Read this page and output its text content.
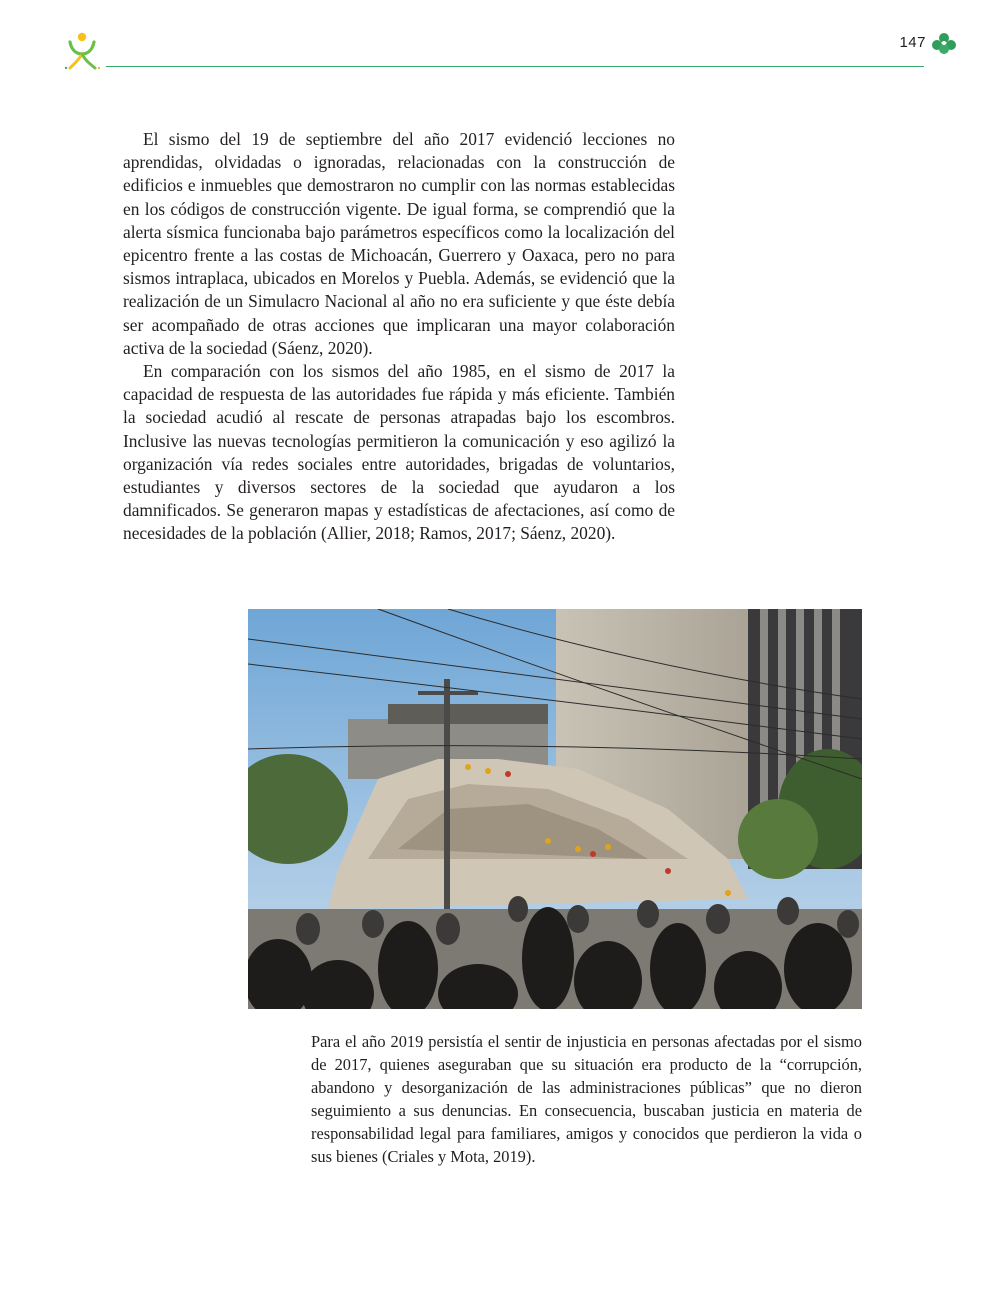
147

El sismo del 19 de septiembre del año 2017 evidenció lecciones no aprendidas, olvidadas o ignoradas, relacionadas con la construcción de edificios e inmuebles que demostraron no cumplir con las normas establecidas en los códigos de construcción vigente. De igual forma, se comprendió que la alerta sísmica funcionaba bajo parámetros específicos como la localización del epicentro frente a las costas de Michoacán, Guerrero y Oaxaca, pero no para sismos intraplaca, ubicados en Morelos y Puebla. Además, se evidenció que la realización de un Simulacro Nacional al año no era suficiente y que éste debía ser acompañado de otras acciones que implicaran una mayor colaboración activa de la sociedad (Sáenz, 2020).

En comparación con los sismos del año 1985, en el sismo de 2017 la capacidad de respuesta de las autoridades fue rápida y más eficiente. También la sociedad acudió al rescate de personas atrapadas bajo los escombros. Inclusive las nuevas tecnologías permitieron la comunicación y eso agilizó la organización vía redes sociales entre autoridades, brigadas de voluntarios, estudiantes y diversos sectores de la sociedad que ayudaron a los damnificados. Se generaron mapas y estadísticas de afectaciones, así como de necesidades de la población (Allier, 2018; Ramos, 2017; Sáenz, 2020).

Para el año 2019 persistía el sentir de injusticia en personas afectadas por el sismo de 2017, quienes aseguraban que su situación era producto de la “corrupción, abandono y desorganización de las administraciones públicas” que no dieron seguimiento a sus denuncias. En consecuencia, buscaban justicia en materia de responsabilidad legal para familiares, amigos y conocidos que perdieron la vida o sus bienes (Criales y Mota, 2019).
